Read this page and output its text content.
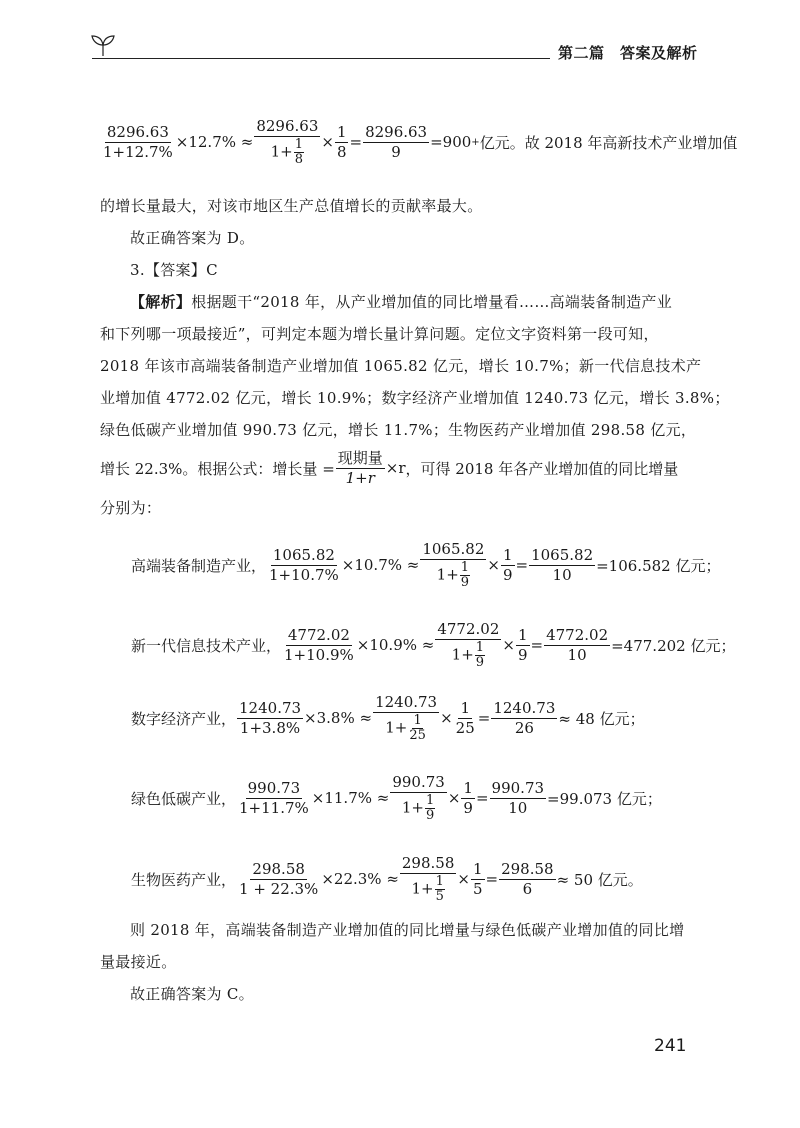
第二篇　答案及解析
$\frac{8296.63}{1+12.7\%} \times 12.7\% \approx \frac{8296.63}{1+ \frac{1}{8}} \times \frac{1}{8} = \frac{8296.63}{9} =900$ + 亿元。故 2018 年高新技术产业增加值
的增长量最大，对该市地区生产总值增长的贡献率最大。
故正确答案为 D。
3.【答案】C
【解析】根据题干“2018 年，从产业增加值的同比增量看……高端装备制造产业
和下列哪一项最接近”，可判定本题为增长量计算问题。定位文字资料第一段可知，
2018 年该市高端装备制造产业增加值 1065.82 亿元，增长 10.7%；新一代信息技术产
业增加值 4772.02 亿元，增长 10.9%；数字经济产业增加值 1240.73 亿元，增长 3.8%；
绿色低碳产业增加值 990.73 亿元，增长 11.7%；生物医药产业增加值 298.58 亿元，
增长 22.3%。根据公式：增长量 = $\frac{\text{现期量}}{1+r} \times r$ ，可得 2018 年各产业增加值的同比增量
分别为：
高端装备制造产业， $\frac{1065.82}{1+10.7\%} \times 10.7\% \approx \frac{1065.82}{1+ \frac{1}{9}} \times \frac{1}{9} = \frac{1065.82}{10} =106.582$ 亿元；
新一代信息技术产业， $\frac{4772.02}{1+10.9\%} \times 10.9\% \approx \frac{4772.02}{1+ \frac{1}{9}} \times \frac{1}{9} = \frac{4772.02}{10} =477.202$ 亿元；
数字经济产业， $\frac{1240.73}{1+3.8\%} \times 3.8\% \approx \frac{1240.73}{1+ \frac{1}{25}} \times \frac{1}{25} = \frac{1240.73}{26} \approx 48$ 亿元；
绿色低碳产业， $\frac{990.73}{1+11.7\%} \times 11.7\% \approx \frac{990.73}{1+ \frac{1}{9}} \times \frac{1}{9} = \frac{990.73}{10} =99.073$ 亿元；
生物医药产业， $\frac{298.58}{1 + 22.3\%} \times 22.3\% \approx \frac{298.58}{1+ \frac{1}{5}} \times \frac{1}{5} = \frac{298.58}{6} \approx 50$ 亿元。
则 2018 年，高端装备制造产业增加值的同比增量与绿色低碳产业增加值的同比增
量最接近。
故正确答案为 C。
241
